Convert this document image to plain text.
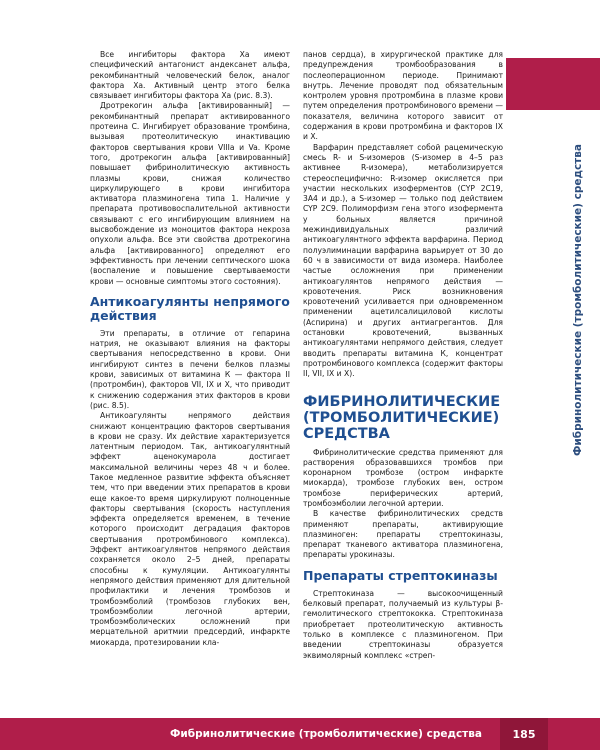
Все ингибиторы фактора Ха имеют специфический антагонист андексанет альфа, рекомбинантный человеческий белок, аналог фактора Ха. Активный центр этого белка связывает ингибиторы фактора Ха (рис. 8.3).

Дротрекогин альфа [активированный] — рекомбинантный препарат активированного протеина С. Ингибирует образование тромбина, вызывая протеолитическую инактивацию факторов свертывания крови VIIIa и Va. Кроме того, дротрекогин альфа [активированный] повышает фибринолитическую активность плазмы крови, снижая количество циркулирующего в крови ингибитора активатора плазминогена типа 1. Наличие у препарата противовоспалительной активности связывают с его ингибирующим влиянием на высвобождение из моноцитов фактора некроза опухоли альфа. Все эти свойства дротрекогина альфа [активированного] определяют его эффективность при лечении септического шока (воспаление и повышение свертываемости крови — основные симптомы этого состояния).

Антикоагулянты непрямого действия

Эти препараты, в отличие от гепарина натрия, не оказывают влияния на факторы свертывания непосредственно в крови. Они ингибируют синтез в печени белков плазмы крови, зависимых от витамина К — фактора II (протромбин), факторов VII, IX и X, что приводит к снижению содержания этих факторов в крови (рис. 8.5).

Антикоагулянты непрямого действия снижают концентрацию факторов свертывания в крови не сразу. Их действие характеризуется латентным периодом. Так, антикоагулянтный эффект аценокумарола достигает максимальной величины через 48 ч и более. Такое медленное развитие эффекта объясняет тем, что при введении этих препаратов в крови еще какое-то время циркулируют полноценные факторы свертывания (скорость наступления эффекта определяется временем, в течение которого происходит деградация факторов свертывания протромбинового комплекса). Эффект антикоагулянтов непрямого действия сохраняется около 2–5 дней, препараты способны к кумуляции. Антикоагулянты непрямого действия применяют для длительной профилактики и лечения тромбозов и тромбоэмболий (тромбозов глубоких вен, тромбоэмболии легочной артерии, тромбоэмболических осложнений при мерцательной аритмии предсердий, инфаркте миокарда, протезировании кла-

панов сердца), в хирургической практике для предупреждения тромбообразования в послеоперационном периоде. Принимают внутрь. Лечение проводят под обязательным контролем уровня протромбина в плазме крови путем определения протромбинового времени — показателя, величина которого зависит от содержания в крови протромбина и факторов IX и X.

Варфарин представляет собой рацемическую смесь R- и S-изомеров (S-изомер в 4–5 раз активнее R-изомера), метаболизируется стереоспецифично: R-изомер окисляется при участии нескольких изоферментов (CYP 2C19, 3A4 и др.), а S-изомер — только под действием CYP 2C9. Полиморфизм гена этого изофермента у больных является причиной межиндивидуальных различий антикоагулянтного эффекта варфарина. Период полуэлиминации варфарина варьирует от 30 до 60 ч в зависимости от вида изомера. Наиболее частые осложнения при применении антикоагулянтов непрямого действия — кровотечения. Риск возникновения кровотечений усиливается при одновременном применении ацетилсалициловой кислоты (Аспирина) и других антиагрегантов. Для остановки кровотечений, вызванных антикоагулянтами непрямого действия, следует вводить препараты витамина К, концентрат протромбинового комплекса (содержит факторы II, VII, IX и X).

ФИБРИНОЛИТИЧЕСКИЕ (ТРОМБОЛИТИЧЕСКИЕ) СРЕДСТВА

Фибринолитические средства применяют для растворения образовавшихся тромбов при коронарном тромбозе (остром инфаркте миокарда), тромбозе глубоких вен, остром тромбозе периферических артерий, тромбоэмболии легочной артерии.

В качестве фибринолитических средств применяют препараты, активирующие плазминоген: препараты стрептокиназы, препарат тканевого активатора плазминогена, препараты урокиназы.

Препараты стрептокиназы

Стрептокиназа — высокоочищенный белковый препарат, получаемый из культуры β-гемолитического стрептококка. Стрептокиназа приобретает протеолитическую активность только в комплексе с плазминогеном. При введении стрептокиназы образуется эквимолярный комплекс «стреп-

Фибринолитические (тромболитические) средства
Фибринолитические (тромболитические) средства	185
